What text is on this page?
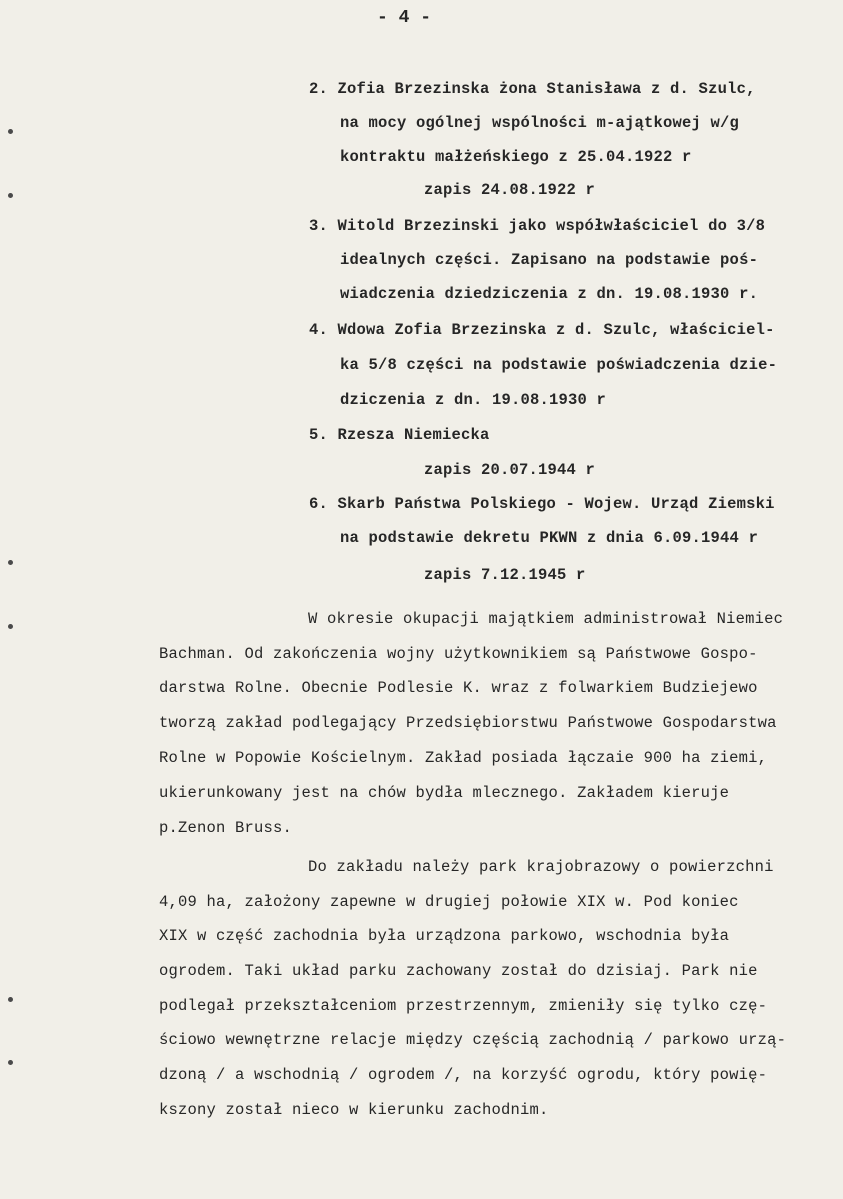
- 4 -
2. Zofia Brzezinska żona Stanisława z d. Szulc,
na mocy ogólnej wspólności m-ajątkowej w/g
kontraktu małżeńskiego z 25.04.1922 r
zapis 24.08.1922 r
3. Witold Brzezinski jako współwłaściciel do 3/8
idealnych części. Zapisano na podstawie poś-
wiadczenia dziedziczenia z dn. 19.08.1930 r.
4. Wdowa Zofia Brzezinska z d. Szulc, właściciel-
ka 5/8 części na podstawie poświadczenia dzie-
dziczenia z dn. 19.08.1930 r
5. Rzesza Niemiecka
zapis 20.07.1944 r
6. Skarb Państwa Polskiego - Wojew. Urząd Ziemski
na podstawie dekretu PKWN z dnia 6.09.1944 r
zapis 7.12.1945 r
W okresie okupacji majątkiem administrował Niemiec
Bachman. Od zakończenia wojny użytkownikiem są Państwowe Gospo-
darstwa Rolne. Obecnie Podlesie K. wraz z folwarkiem Budziejewo
tworzą zakład podlegający Przedsiębiorstwu Państwowe Gospodarstwa
Rolne w Popowie Kościelnym. Zakład posiada łączaie 900 ha ziemi,
ukierunkowany jest na chów bydła mlecznego. Zakładem kieruje
p.Zenon Bruss.
Do zakładu należy park krajobrazowy o powierzchni
4,09 ha, założony zapewne w drugiej połowie XIX w. Pod koniec
XIX w część zachodnia była urządzona parkowo, wschodnia była
ogrodem. Taki układ parku zachowany został do dzisiaj. Park nie
podlegał przekształceniom przestrzennym, zmieniły się tylko czę-
ściowo wewnętrzne relacje między częścią zachodnią / parkowo urzą-
dzoną / a wschodnią / ogrodem /, na korzyść ogrodu, który powię-
kszony został nieco w kierunku zachodnim.
